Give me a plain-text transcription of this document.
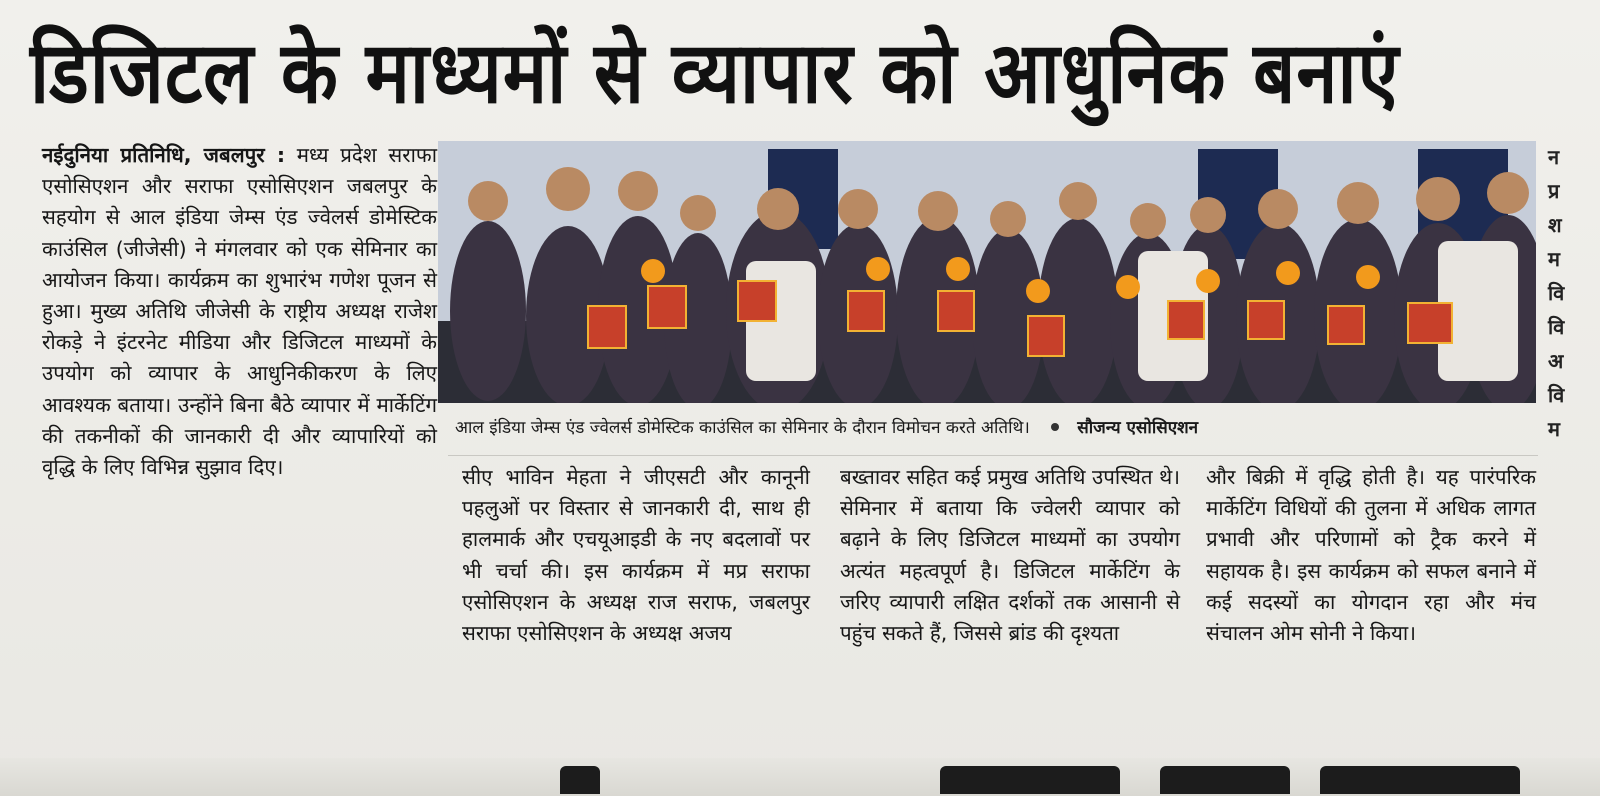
डिजिटल के माध्यमों से व्यापार को आधुनिक बनाएं
नईदुनिया प्रतिनिधि, जबलपुर : मध्य प्रदेश सराफा एसोसिएशन और सराफा एसोसिएशन जबलपुर के सहयोग से आल इंडिया जेम्स एंड ज्वेलर्स डोमेस्टिक काउंसिल (जीजेसी) ने मंगलवार को एक सेमिनार का आयोजन किया। कार्यक्रम का शुभारंभ गणेश पूजन से हुआ। मुख्य अतिथि जीजेसी के राष्ट्रीय अध्यक्ष राजेश रोकड़े ने इंटरनेट मीडिया और डिजिटल माध्यमों के उपयोग को व्यापार के आधुनिकीकरण के लिए आवश्यक बताया। उन्होंने बिना बैठे व्यापार में मार्केटिंग की तकनीकों की जानकारी दी और व्यापारियों को वृद्धि के लिए विभिन्न सुझाव दिए।
आल इंडिया जेम्स एंड ज्वेलर्स डोमेस्टिक काउंसिल का सेमिनार के दौरान विमोचन करते अतिथि।	सौजन्य एसोसिएशन
सीए भाविन मेहता ने जीएसटी और कानूनी पहलुओं पर विस्तार से जानकारी दी, साथ ही हालमार्क और एचयूआइडी के नए बदलावों पर भी चर्चा की। इस कार्यक्रम में मप्र सराफा एसोसिएशन के अध्यक्ष राज सराफ, जबलपुर सराफा एसोसिएशन के अध्यक्ष अजय
बख्तावर सहित कई प्रमुख अतिथि उपस्थित थे। सेमिनार में बताया कि ज्वेलरी व्यापार को बढ़ाने के लिए डिजिटल माध्यमों का उपयोग अत्यंत महत्वपूर्ण है। डिजिटल मार्केटिंग के जरिए व्यापारी लक्षित दर्शकों तक आसानी से पहुंच सकते हैं, जिससे ब्रांड की दृश्यता
और बिक्री में वृद्धि होती है। यह पारंपरिक मार्केटिंग विधियों की तुलना में अधिक लागत प्रभावी और परिणामों को ट्रैक करने में सहायक है। इस कार्यक्रम को सफल बनाने में कई सदस्यों का योगदान रहा और मंच संचालन ओम सोनी ने किया।
न
प्र
श
म
वि
वि
अ
वि
म
